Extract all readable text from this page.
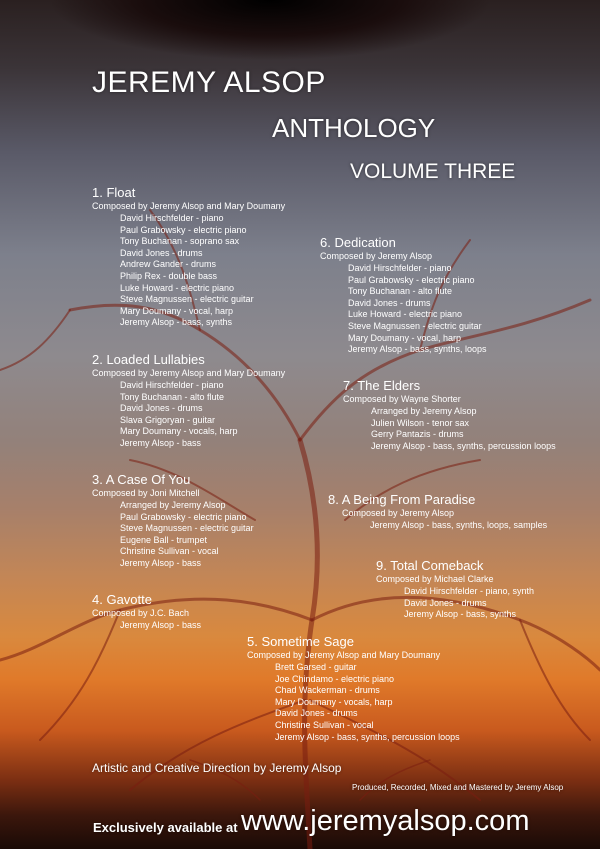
JEREMY ALSOP
ANTHOLOGY
VOLUME THREE
1. Float
Composed by Jeremy Alsop and Mary Doumany
David Hirschfelder - piano
Paul Grabowsky - electric piano
Tony Buchanan - soprano sax
David Jones - drums
Andrew Gander - drums
Philip Rex - double bass
Luke Howard - electric piano
Steve Magnussen - electric guitar
Mary Doumany - vocal, harp
Jeremy Alsop - bass, synths
2. Loaded Lullabies
Composed by Jeremy Alsop and Mary Doumany
David Hirschfelder - piano
Tony Buchanan - alto flute
David Jones - drums
Slava Grigoryan - guitar
Mary Doumany - vocals, harp
Jeremy Alsop - bass
3. A Case Of You
Composed by Joni Mitchell
Arranged by Jeremy Alsop
Paul Grabowsky - electric piano
Steve Magnussen - electric guitar
Eugene Ball - trumpet
Christine Sullivan - vocal
Jeremy Alsop - bass
4. Gavotte
Composed by J.C. Bach
Jeremy Alsop - bass
5. Sometime Sage
Composed by Jeremy Alsop and Mary Doumany
Brett Garsed - guitar
Joe Chindamo - electric piano
Chad Wackerman - drums
Mary Doumany - vocals, harp
David Jones - drums
Christine Sullivan - vocal
Jeremy Alsop - bass, synths, percussion loops
6. Dedication
Composed by Jeremy Alsop
David Hirschfelder - piano
Paul Grabowsky - electric piano
Tony Buchanan - alto flute
David Jones - drums
Luke Howard - electric piano
Steve Magnussen - electric guitar
Mary Doumany - vocal, harp
Jeremy Alsop - bass, synths, loops
7. The Elders
Composed by Wayne Shorter
Arranged by Jeremy Alsop
Julien Wilson - tenor sax
Gerry Pantazis - drums
Jeremy Alsop - bass, synths, percussion loops
8. A Being From Paradise
Composed by Jeremy Alsop
Jeremy Alsop - bass, synths, loops, samples
9. Total Comeback
Composed by Michael Clarke
David Hirschfelder - piano, synth
David Jones - drums
Jeremy Alsop - bass, synths
Artistic and Creative Direction by Jeremy Alsop
Produced, Recorded, Mixed and Mastered by Jeremy Alsop
Exclusively available at www.jeremyalsop.com
